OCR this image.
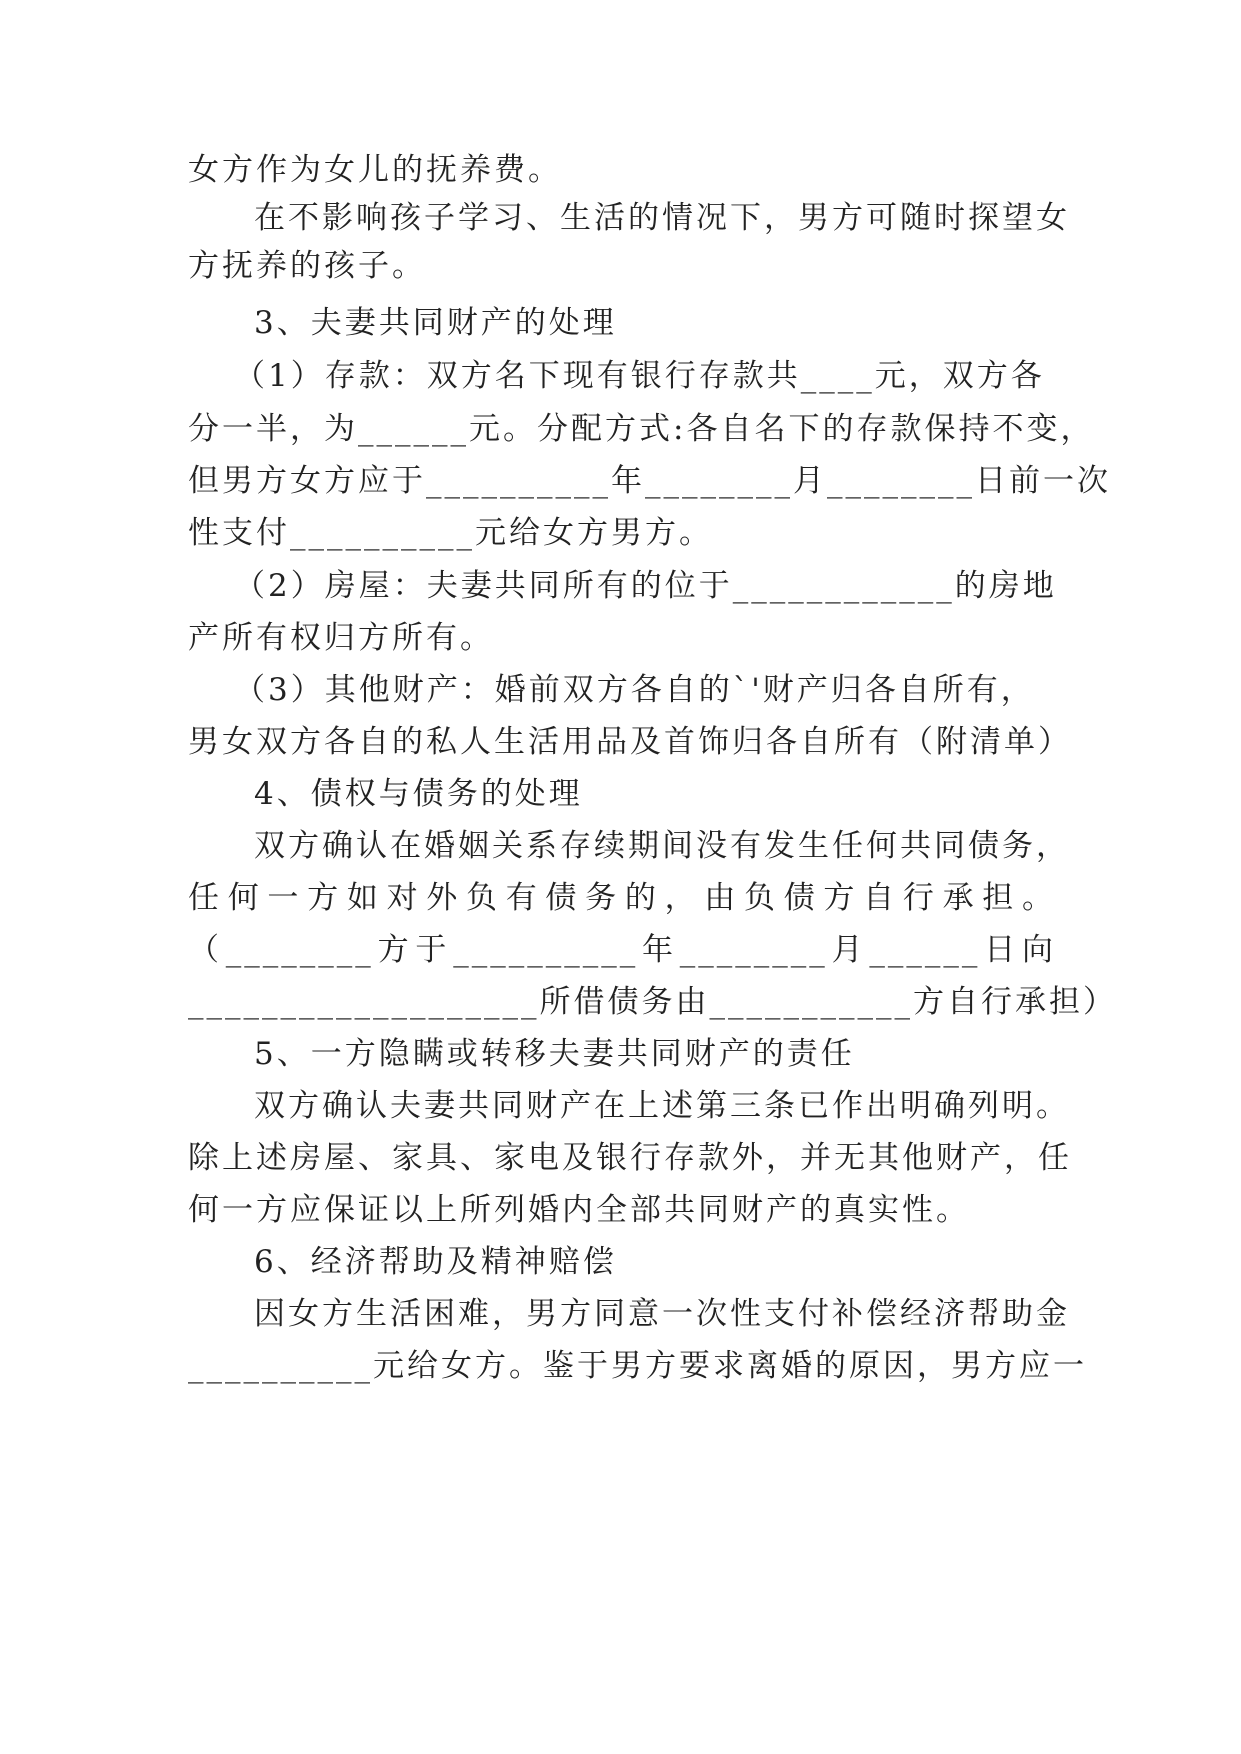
女方作为女儿的抚养费。
在不影响孩子学习、生活的情况下，男方可随时探望女
方抚养的孩子。
3、夫妻共同财产的处理
（1）存款：双方名下现有银行存款共____元，双方各
分一半，为______元。分配方式:各自名下的存款保持不变，
但男方女方应于__________年________月________日前一次
性支付__________元给女方男方。
（2）房屋：夫妻共同所有的位于____________的房地
产所有权归方所有。
（3）其他财产：婚前双方各自的`'财产归各自所有，
男女双方各自的私人生活用品及首饰归各自所有（附清单）
4、债权与债务的处理
双方确认在婚姻关系存续期间没有发生任何共同债务，
任何一方如对外负有债务的，由负债方自行承担。
（________方于__________年________月______日向
___________________所借债务由___________方自行承担）
5、一方隐瞒或转移夫妻共同财产的责任
双方确认夫妻共同财产在上述第三条已作出明确列明。
除上述房屋、家具、家电及银行存款外，并无其他财产，任
何一方应保证以上所列婚内全部共同财产的真实性。
6、经济帮助及精神赔偿
因女方生活困难，男方同意一次性支付补偿经济帮助金
__________元给女方。鉴于男方要求离婚的原因，男方应一
